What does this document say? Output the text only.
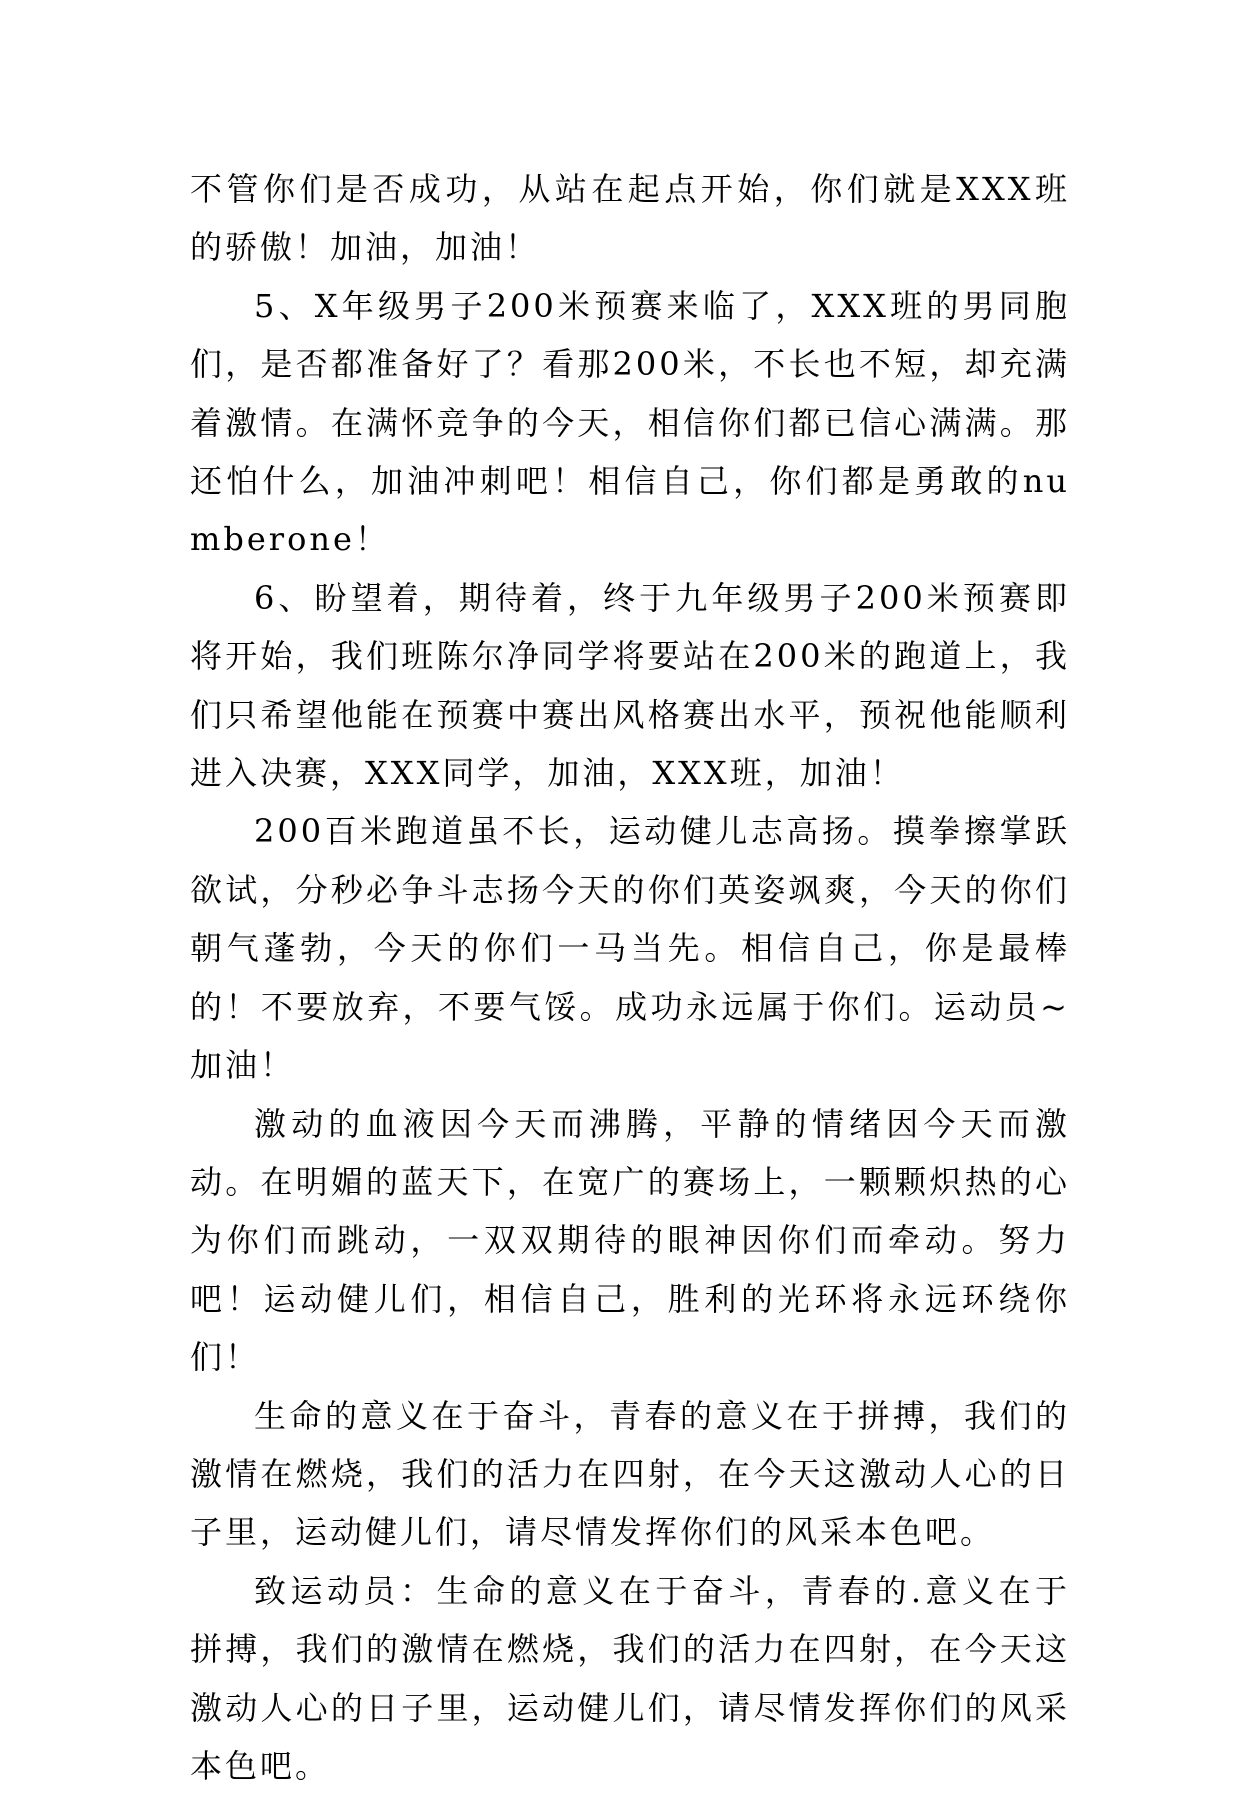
不管你们是否成功，从站在起点开始，你们就是XXX班的骄傲！加油，加油！

5、X年级男子200米预赛来临了，XXX班的男同胞们，是否都准备好了？看那200米，不长也不短，却充满着激情。在满怀竞争的今天，相信你们都已信心满满。那还怕什么，加油冲刺吧！相信自己，你们都是勇敢的numberone！

6、盼望着，期待着，终于九年级男子200米预赛即将开始，我们班陈尔净同学将要站在200米的跑道上，我们只希望他能在预赛中赛出风格赛出水平，预祝他能顺利进入决赛，XXX同学，加油，XXX班，加油！

200百米跑道虽不长，运动健儿志高扬。摸拳擦掌跃欲试，分秒必争斗志扬今天的你们英姿飒爽，今天的你们朝气蓬勃，今天的你们一马当先。相信自己，你是最棒的！不要放弃，不要气馁。成功永远属于你们。运动员~加油！

激动的血液因今天而沸腾，平静的情绪因今天而激动。在明媚的蓝天下，在宽广的赛场上，一颗颗炽热的心为你们而跳动，一双双期待的眼神因你们而牵动。努力吧！运动健儿们，相信自己，胜利的光环将永远环绕你们！

生命的意义在于奋斗，青春的意义在于拼搏，我们的激情在燃烧，我们的活力在四射，在今天这激动人心的日子里，运动健儿们，请尽情发挥你们的风采本色吧。

致运动员：生命的意义在于奋斗，青春的.意义在于拼搏，我们的激情在燃烧，我们的活力在四射，在今天这激动人心的日子里，运动健儿们，请尽情发挥你们的风采本色吧。
